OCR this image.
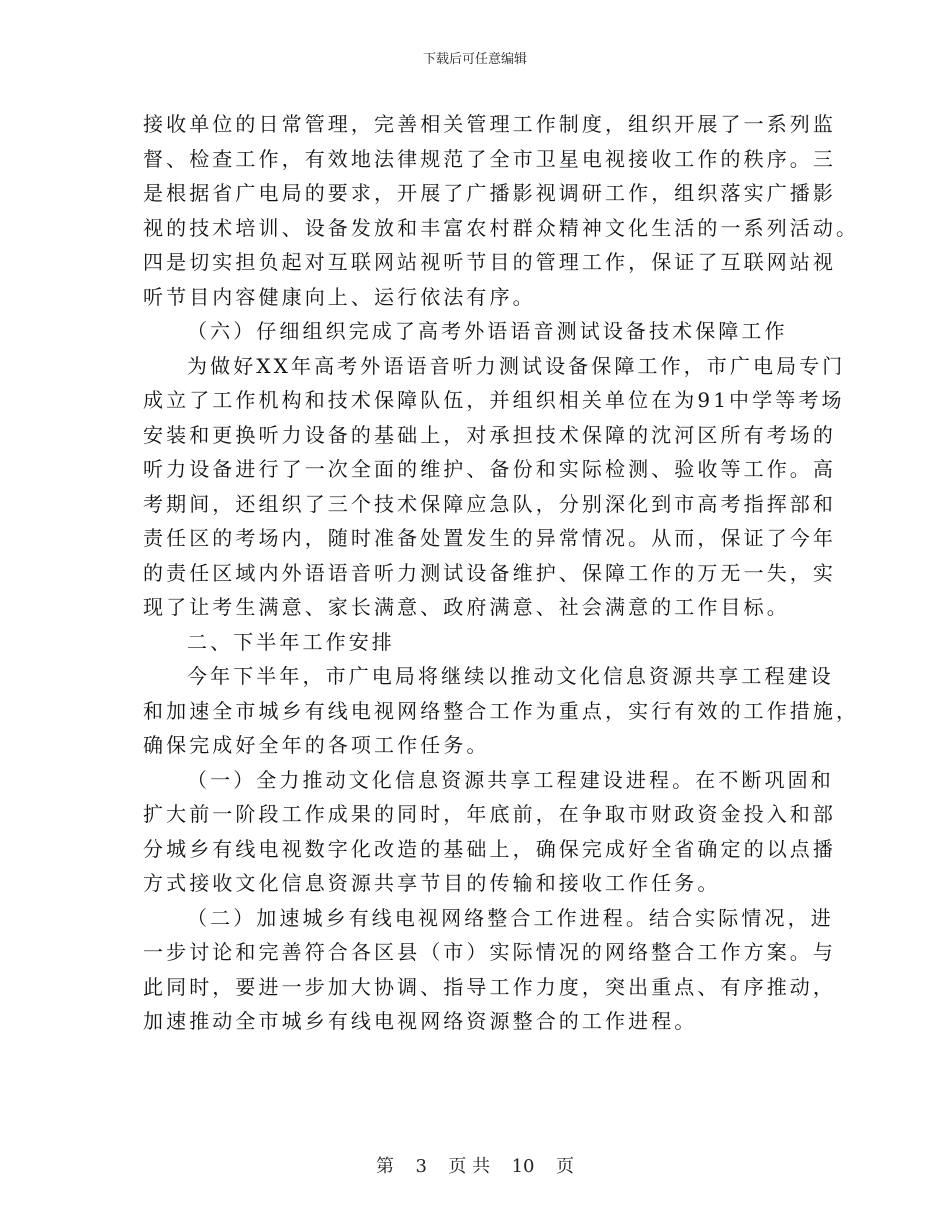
下载后可任意编辑

接收单位的日常管理，完善相关管理工作制度，组织开展了一系列监

督、检查工作，有效地法律规范了全市卫星电视接收工作的秩序。三

是根据省广电局的要求，开展了广播影视调研工作，组织落实广播影

视的技术培训、设备发放和丰富农村群众精神文化生活的一系列活动。

四是切实担负起对互联网站视听节目的管理工作，保证了互联网站视

听节目内容健康向上、运行依法有序。

（六）仔细组织完成了高考外语语音测试设备技术保障工作

为做好XX年高考外语语音听力测试设备保障工作，市广电局专门

成立了工作机构和技术保障队伍，并组织相关单位在为91中学等考场

安装和更换听力设备的基础上，对承担技术保障的沈河区所有考场的

听力设备进行了一次全面的维护、备份和实际检测、验收等工作。高

考期间，还组织了三个技术保障应急队，分别深化到市高考指挥部和

责任区的考场内，随时准备处置发生的异常情况。从而，保证了今年

的责任区域内外语语音听力测试设备维护、保障工作的万无一失，实

现了让考生满意、家长满意、政府满意、社会满意的工作目标。

二、下半年工作安排

今年下半年，市广电局将继续以推动文化信息资源共享工程建设

和加速全市城乡有线电视网络整合工作为重点，实行有效的工作措施，

确保完成好全年的各项工作任务。

（一）全力推动文化信息资源共享工程建设进程。在不断巩固和

扩大前一阶段工作成果的同时，年底前，在争取市财政资金投入和部

分城乡有线电视数字化改造的基础上，确保完成好全省确定的以点播

方式接收文化信息资源共享节目的传输和接收工作任务。

（二）加速城乡有线电视网络整合工作进程。结合实际情况，进

一步讨论和完善符合各区县（市）实际情况的网络整合工作方案。与

此同时，要进一步加大协调、指导工作力度，突出重点、有序推动，

加速推动全市城乡有线电视网络资源整合的工作进程。

第 3 页 共 10 页
